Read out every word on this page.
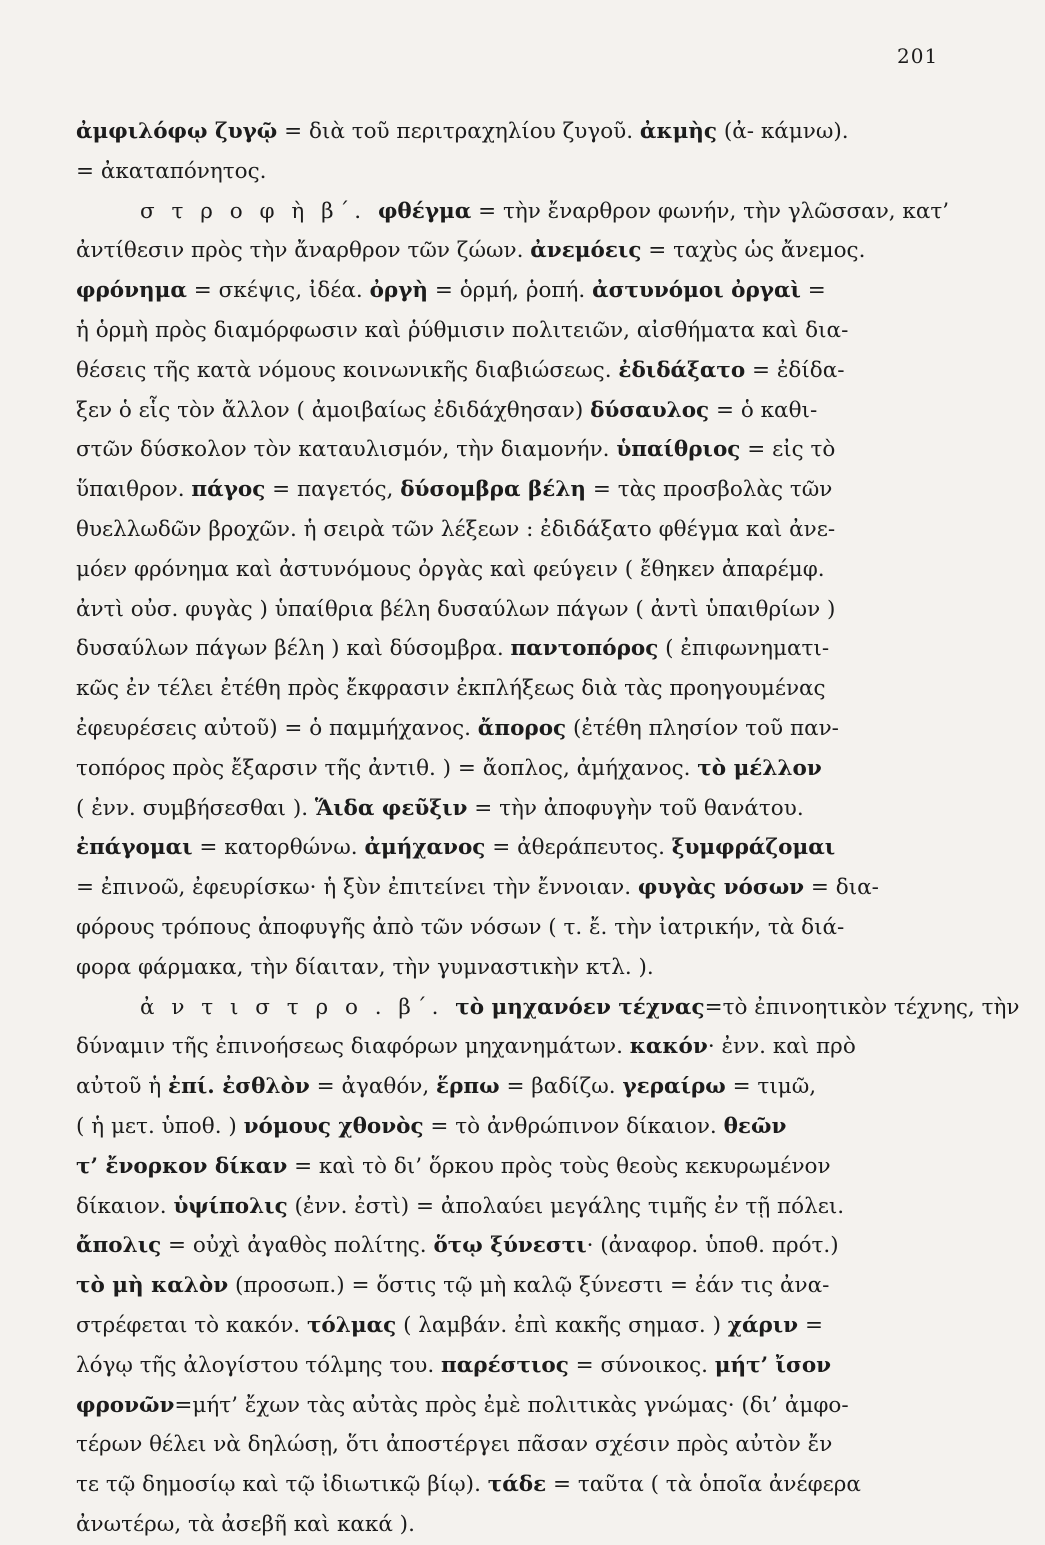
201
ἀμφιλόφῳ ζυγῷ = διὰ τοῦ περιτραχηλίου ζυγοῦ. ἀκμὴς (ἀ- κάμνω).
= ἀκαταπόνητος.
σ τ ρ ο φ ὴ β΄. φθέγμα = τὴν ἔναρθρον φωνήν, τὴν γλῶσσαν, κατ’
ἀντίθεσιν πρὸς τὴν ἄναρθρον τῶν ζώων. ἀνεμόεις = ταχὺς ὡς ἄνεμος.
φρόνημα = σκέψις, ἰδέα. ὀργὴ = ὁρμή, ῥοπή. ἀστυνόμοι ὀργαὶ =
ἡ ὁρμὴ πρὸς διαμόρφωσιν καὶ ῥύθμισιν πολιτειῶν, αἰσθήματα καὶ δια-
θέσεις τῆς κατὰ νόμους κοινωνικῆς διαβιώσεως. ἐδιδάξατο = ἐδίδα-
ξεν ὁ εἷς τὸν ἄλλον ( ἀμοιβαίως ἐδιδάχθησαν) δύσαυλος = ὁ καθι-
στῶν δύσκολον τὸν καταυλισμόν, τὴν διαμονήν. ὑπαίθριος = εἰς τὸ
ὕπαιθρον. πάγος = παγετός, δύσομβρα βέλη = τὰς προσβολὰς τῶν
θυελλωδῶν βροχῶν. ἡ σειρὰ τῶν λέξεων : ἐδιδάξατο φθέγμα καὶ ἀνε-
μόεν φρόνημα καὶ ἀστυνόμους ὀργὰς καὶ φεύγειν ( ἔθηκεν ἀπαρέμφ.
ἀντὶ οὐσ. φυγὰς ) ὑπαίθρια βέλη δυσαύλων πάγων ( ἀντὶ ὑπαιθρίων )
δυσαύλων πάγων βέλη ) καὶ δύσομβρα. παντοπόρος ( ἐπιφωνηματι-
κῶς ἐν τέλει ἐτέθη πρὸς ἔκφρασιν ἐκπλήξεως διὰ τὰς προηγουμένας
ἐφευρέσεις αὐτοῦ) = ὁ παμμήχανος. ἄπορος (ἐτέθη πλησίον τοῦ παν-
τοπόρος πρὸς ἔξαρσιν τῆς ἀντιθ. ) = ἄοπλος, ἀμήχανος. τὸ μέλλον
( ἐνν. συμβήσεσθαι ). Ἅιδα φεῦξιν = τὴν ἀποφυγὴν τοῦ θανάτου.
ἐπάγομαι = κατορθώνω. ἀμήχανος = ἀθεράπευτος. ξυμφράζομαι
= ἐπινοῶ, ἐφευρίσκω· ἡ ξὺν ἐπιτείνει τὴν ἔννοιαν. φυγὰς νόσων = δια-
φόρους τρόπους ἀποφυγῆς ἀπὸ τῶν νόσων ( τ. ἔ. τὴν ἰατρικήν, τὰ διά-
φορα φάρμακα, τὴν δίαιταν, τὴν γυμναστικὴν κτλ. ).
ἀ ν τ ι σ τ ρ ο . β΄. τὸ μηχανόεν τέχνας=τὸ ἐπινοητικὸν τέχνης, τὴν
δύναμιν τῆς ἐπινοήσεως διαφόρων μηχανημάτων. κακόν· ἐνν. καὶ πρὸ
αὐτοῦ ἡ ἐπί. ἐσθλὸν = ἀγαθόν, ἕρπω = βαδίζω. γεραίρω = τιμῶ,
( ἡ μετ. ὑποθ. ) νόμους χθονὸς = τὸ ἀνθρώπινον δίκαιον. θεῶν
τ’ ἔνορκον δίκαν = καὶ τὸ δι’ ὅρκου πρὸς τοὺς θεοὺς κεκυρωμένον
δίκαιον. ὑψίπολις (ἐνν. ἐστὶ) = ἀπολαύει μεγάλης τιμῆς ἐν τῇ πόλει.
ἄπολις = οὐχὶ ἀγαθὸς πολίτης. ὅτῳ ξύνεστι· (ἀναφορ. ὑποθ. πρότ.)
τὸ μὴ καλὸν (προσωπ.) = ὅστις τῷ μὴ καλῷ ξύνεστι = ἐάν τις ἀνα-
στρέφεται τὸ κακόν. τόλμας ( λαμβάν. ἐπὶ κακῆς σημασ. ) χάριν =
λόγῳ τῆς ἀλογίστου τόλμης του. παρέστιος = σύνοικος. μήτ’ ἴσον
φρονῶν=μήτ’ ἔχων τὰς αὐτὰς πρὸς ἐμὲ πολιτικὰς γνώμας· (δι’ ἀμφο-
τέρων θέλει νὰ δηλώσῃ, ὅτι ἀποστέργει πᾶσαν σχέσιν πρὸς αὐτὸν ἔν
τε τῷ δημοσίῳ καὶ τῷ ἰδιωτικῷ βίῳ). τάδε = ταῦτα ( τὰ ὁποῖα ἀνέφερα
ἀνωτέρω, τὰ ἀσεβῆ καὶ κακά ).
